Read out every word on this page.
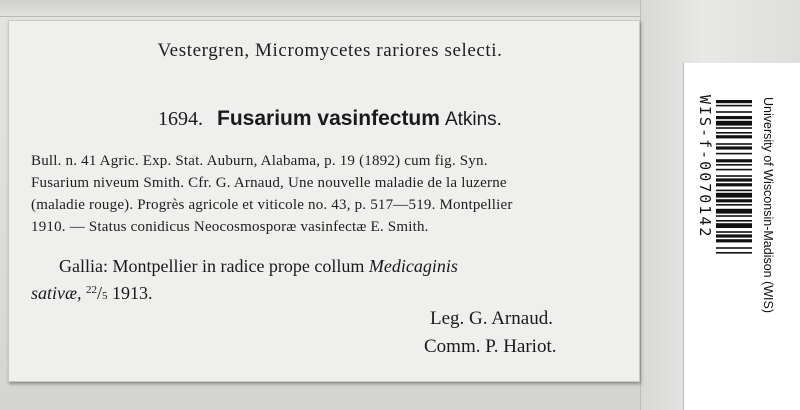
Vestergren, Micromycetes rariores selecti.
1694. Fusarium vasinfectum Atkins.
Bull. n. 41 Agric. Exp. Stat. Auburn, Alabama, p. 19 (1892) cum fig. Syn.
Fusarium niveum Smith. Cfr. G. Arnaud, Une nouvelle maladie de la luzerne
(maladie rouge). Progrès agricole et viticole no. 43, p. 517—519. Montpellier
1910. — Status conidicus Neocosmosporæ vasinfectæ E. Smith.
Gallia: Montpellier in radice prope collum Medicaginis
sativæ, $^{22}$/5 1913.
Leg. G. Arnaud.
Comm. P. Hariot.
WIS-f-0070142	University of Wisconsin-Madison (WIS)
